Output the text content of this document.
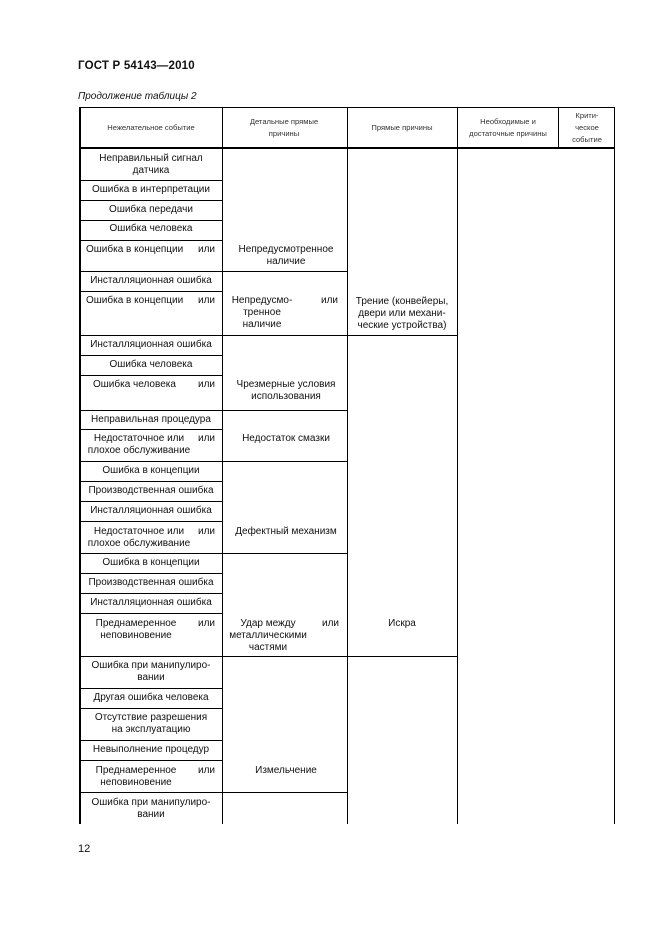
ГОСТ Р 54143—2010
Продолжение таблицы 2
Нежелательное событие
Детальные прямые причины
Прямые причины
Необходимые и достаточные причины
Крити-ческое событие
Неправильный сигнал датчика
Ошибка в интерпретации
Ошибка передачи
Ошибка человека
Ошибка в концепции или
Инсталляционная ошибка
Ошибка в концепции или
Инсталляционная ошибка
Ошибка человека
Ошибка человека или
Неправильная процедура
Недостаточное или плохое обслуживание
или
Ошибка в концепции
Производственная ошибка
Инсталляционная ошибка
Недостаточное или плохое обслуживание
или
Ошибка в концепции
Производственная ошибка
Инсталляционная ошибка
Преднамеренное неповиновение
или
Ошибка при манипулиро-вании
Другая ошибка человека
Отсутствие разрешения на эксплуатацию
Невыполнение процедур
Преднамеренное неповиновение
или
Ошибка при манипулиро-вании
Непредусмотренное наличие
Непредусмо-тренное наличие
или
Чрезмерные условия использования
Недостаток смазки
Дефектный механизм
Удар между металлическими частями
или
Измельчение
Трение (конвейеры, двери или механи-ческие устройства)
Искра
12
